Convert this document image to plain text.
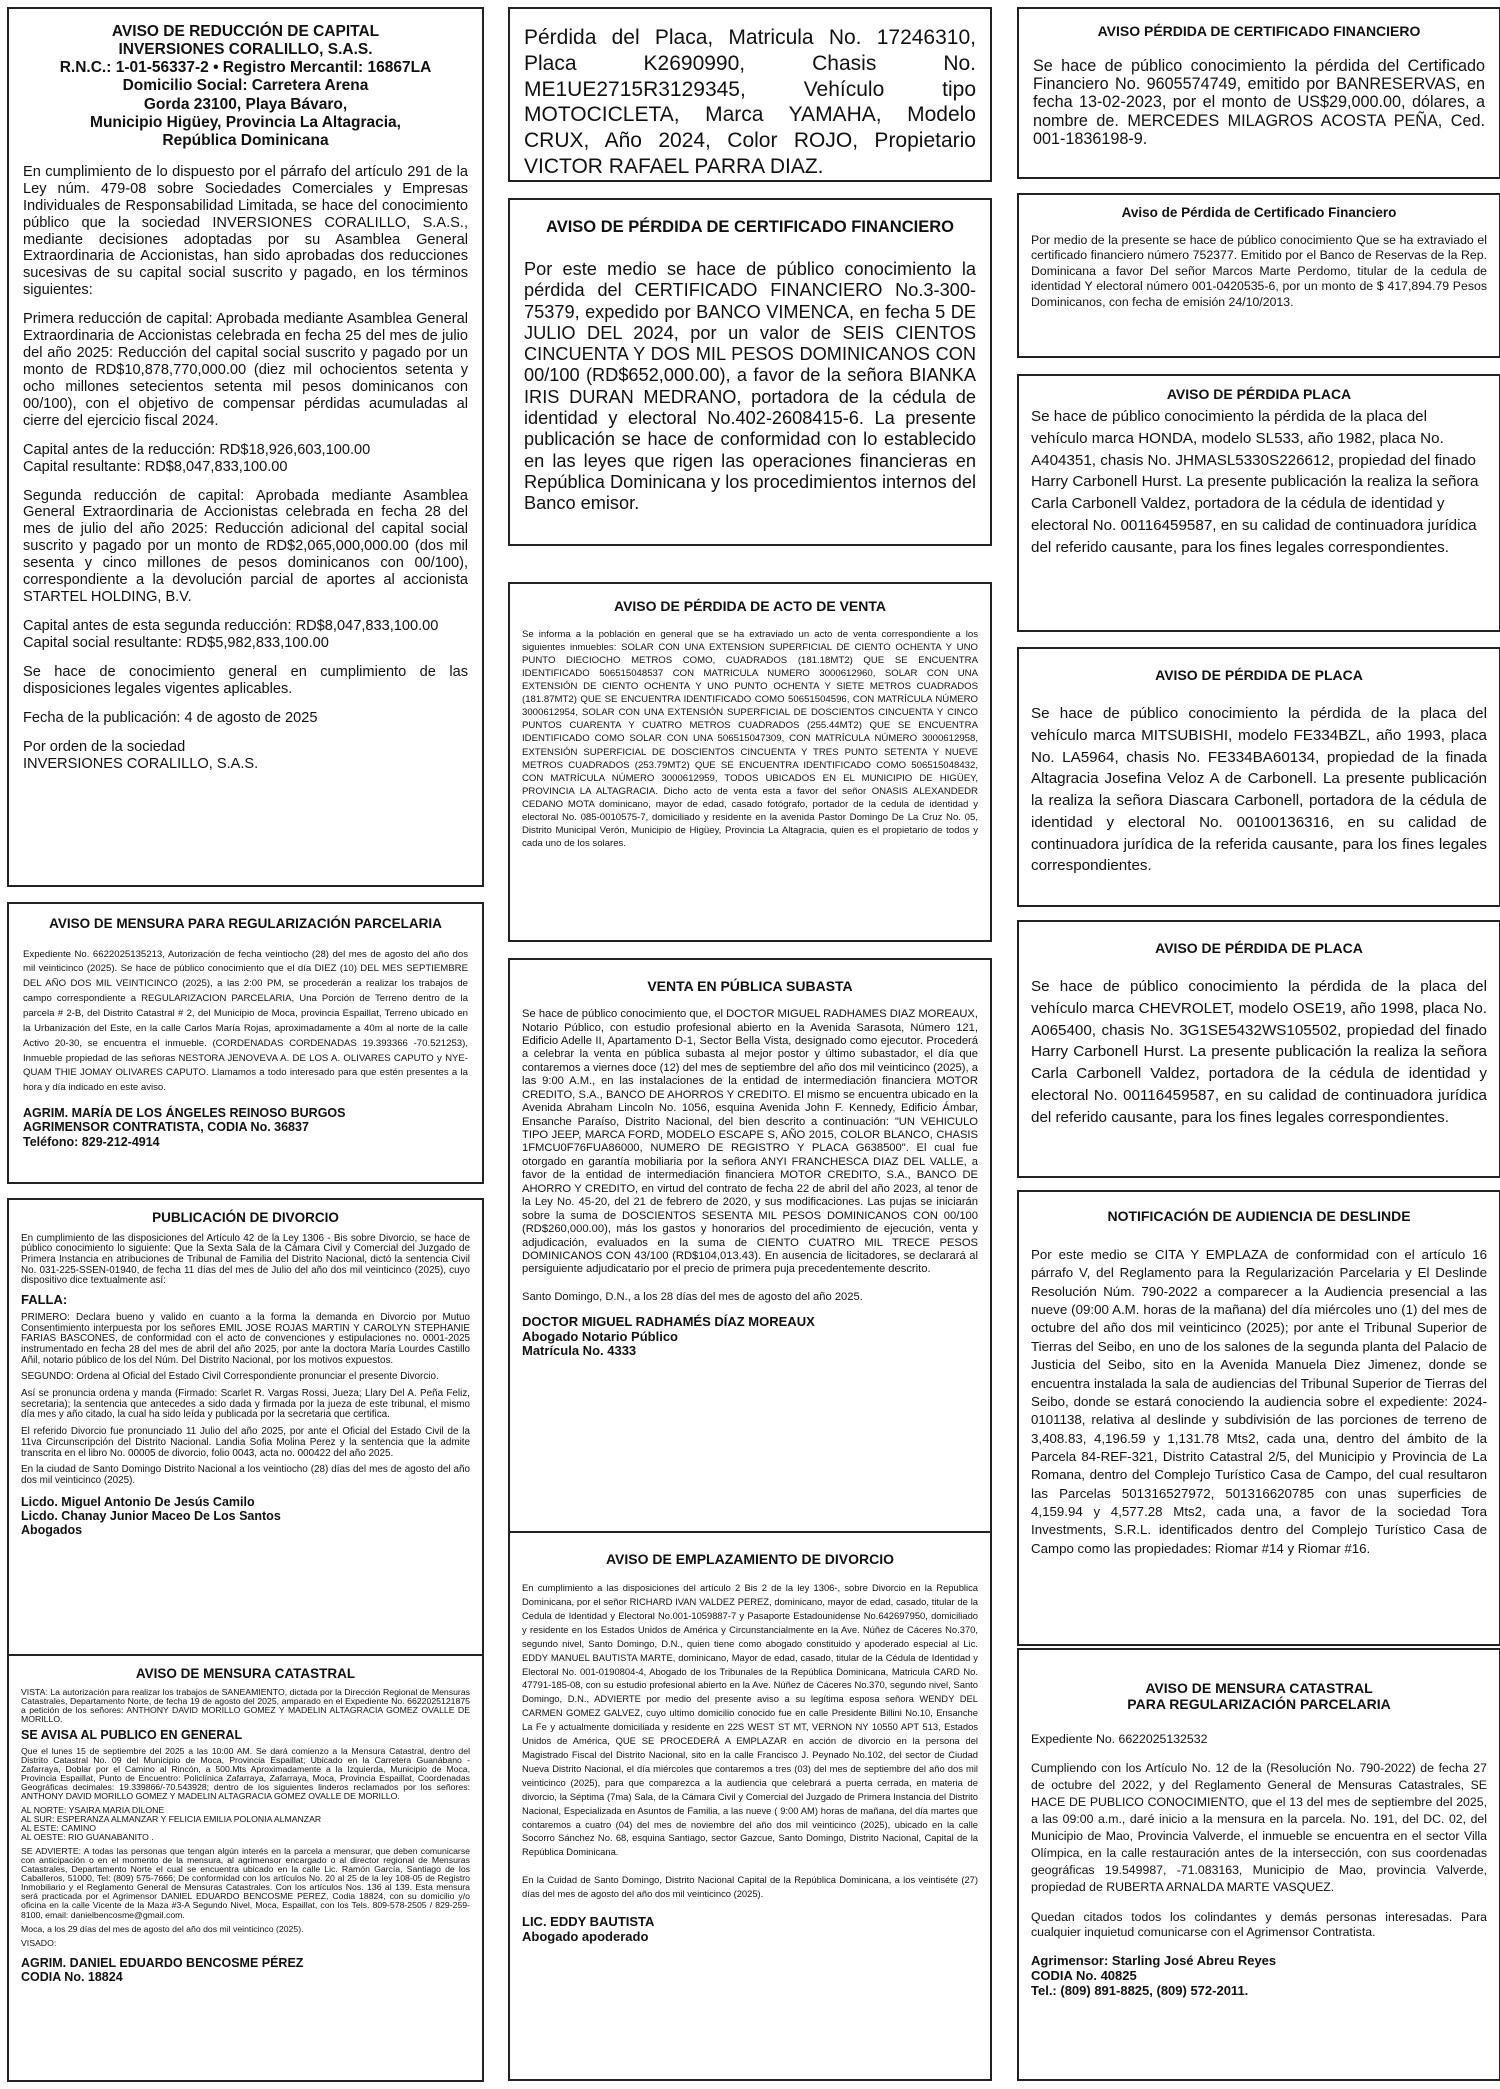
AVISO DE REDUCCIÓN DE CAPITAL
INVERSIONES CORALILLO, S.A.S.
R.N.C.: 1-01-56337-2 • Registro Mercantil: 16867LA
Domicilio Social: Carretera Arena
Gorda 23100, Playa Bávaro,
Municipio Higüey, Provincia La Altagracia,
República Dominicana

En cumplimiento de lo dispuesto por el párrafo del artículo 291 de la Ley núm. 479-08 sobre Sociedades Comerciales y Empresas Individuales de Responsabilidad Limitada, se hace del conocimiento público que la sociedad INVERSIONES CORALILLO, S.A.S., mediante decisiones adoptadas por su Asamblea General Extraordinaria de Accionistas, han sido aprobadas dos reducciones sucesivas de su capital social suscrito y pagado, en los términos siguientes:

Primera reducción de capital: Aprobada mediante Asamblea General Extraordinaria de Accionistas celebrada en fecha 25 del mes de julio del año 2025: Reducción del capital social suscrito y pagado por un monto de RD$10,878,770,000.00 (diez mil ochocientos setenta y ocho millones setecientos setenta mil pesos dominicanos con 00/100), con el objetivo de compensar pérdidas acumuladas al cierre del ejercicio fiscal 2024.

Capital antes de la reducción: RD$18,926,603,100.00
Capital resultante: RD$8,047,833,100.00

Segunda reducción de capital: Aprobada mediante Asamblea General Extraordinaria de Accionistas celebrada en fecha 28 del mes de julio del año 2025: Reducción adicional del capital social suscrito y pagado por un monto de RD$2,065,000,000.00 (dos mil sesenta y cinco millones de pesos dominicanos con 00/100), correspondiente a la devolución parcial de aportes al accionista STARTEL HOLDING, B.V.

Capital antes de esta segunda reducción: RD$8,047,833,100.00
Capital social resultante: RD$5,982,833,100.00

Se hace de conocimiento general en cumplimiento de las disposiciones legales vigentes aplicables.

Fecha de la publicación: 4 de agosto de 2025

Por orden de la sociedad
INVERSIONES CORALILLO, S.A.S.

AVISO DE MENSURA PARA REGULARIZACIÓN PARCELARIA

Expediente No. 6622025135213, Autorización de fecha veintiocho (28) del mes de agosto del año dos mil veinticinco (2025). Se hace de público conocimiento que el día DIEZ (10) DEL MES SEPTIEMBRE DEL AÑO DOS MIL VEINTICINCO (2025), a las 2:00 PM, se procederán a realizar los trabajos de campo correspondiente a REGULARIZACION PARCELARIA, Una Porción de Terreno dentro de la parcela # 2-B, del Distrito Catastral # 2, del Municipio de Moca, provincia Espaillat, Terreno ubicado en la Urbanización del Este, en la calle Carlos María Rojas, aproximadamente a 40m al norte de la calle Activo 20-30, se encuentra el inmueble. (CORDENADAS CORDENADAS 19.393366 -70.521253), Inmueble propiedad de las señoras NESTORA JENOVEVA A. DE LOS A. OLIVARES CAPUTO y NYE-QUAM THIE JOMAY OLIVARES CAPUTO. Llamamos a todo interesado para que estén presentes a la hora y día indicado en este aviso.

AGRIM. MARÍA DE LOS ÁNGELES REINOSO BURGOS
AGRIMENSOR CONTRATISTA, CODIA No. 36837
Teléfono: 829-212-4914

PUBLICACIÓN DE DIVORCIO

En cumplimiento de las disposiciones del Artículo 42 de la Ley 1306 - Bis sobre Divorcio, se hace de público conocimiento lo siguiente: Que la Sexta Sala de la Cámara Civil y Comercial del Juzgado de Primera Instancia en atribuciones de Tribunal de Familia del Distrito Nacional, dictó la sentencia Civil No. 031-225-SSEN-01940, de fecha 11 días del mes de Julio del año dos mil veinticinco (2025), cuyo dispositivo dice textualmente así:

FALLA:

PRIMERO: Declara bueno y valido en cuanto a la forma la demanda en Divorcio por Mutuo Consentimiento interpuesta por los señores EMIL JOSE ROJAS MARTIN Y CAROLYN STEPHANIE FARIAS BASCONES, de conformidad con el acto de convenciones y estipulaciones no. 0001-2025 instrumentado en fecha 28 del mes de abril del año 2025, por ante la doctora María Lourdes Castillo Añil, notario público de los del Núm. Del Distrito Nacional, por los motivos expuestos.

SEGUNDO: Ordena al Oficial del Estado Civil Correspondiente pronunciar el presente Divorcio.

Así se pronuncia ordena y manda (Firmado: Scarlet R. Vargas Rossi, Jueza; Llary Del A. Peña Feliz, secretaria); la sentencia que antecedes a sido dada y firmada por la jueza de este tribunal, el mismo día mes y año citado, la cual ha sido leída y publicada por la secretaria que certifica.

El referido Divorcio fue pronunciado 11 Julio del año 2025, por ante el Oficial del Estado Civil de la 11va Circunscripción del Distrito Nacional. Landia Sofia Molina Perez y la sentencia que la admite transcrita en el libro No. 00005 de divorcio, folio 0043, acta no. 000422 del año 2025.

En la ciudad de Santo Domingo Distrito Nacional a los veintiocho (28) días del mes de agosto del año dos mil veinticinco (2025).

Licdo. Miguel Antonio De Jesús Camilo
Licdo. Chanay Junior Maceo De Los Santos
Abogados

AVISO DE MENSURA CATASTRAL

VISTA: La autorización para realizar los trabajos de SANEAMIENTO, dictada por la Dirección Regional de Mensuras Catastrales, Departamento Norte, de fecha 19 de agosto del 2025, amparado en el Expediente No. 6622025121875 a petición de los señores: ANTHONY DAVID MORILLO GOMEZ Y MADELIN ALTAGRACIA GOMEZ OVALLE DE MORILLO.

SE AVISA AL PUBLICO EN GENERAL

Que el lunes 15 de septiembre del 2025 a las 10:00 AM. Se dará comienzo a la Mensura Catastral, dentro del Distrito Catastral No. 09 del Municipio de Moca, Provincia Espaillat; Ubicado en la Carretera Guanábano - Zafarraya, Doblar por el Camino al Rincón, a 500.Mts Aproximadamente a la Izquierda, Municipio de Moca, Provincia Espaillat, Punto de Encuentro: Policlínica Zafarraya, Zafarraya, Moca, Provincia Espaillat, Coordenadas Geográficas decimales: 19.339866/-70.543928; dentro de los siguientes linderos reclamados por los señores: ANTHONY DAVID MORILLO GOMEZ Y MADELIN ALTAGRACIA GOMEZ OVALLE DE MORILLO.

AL NORTE: YSAIRA MARIA DILONE
AL SUR: ESPERANZA ALMANZAR Y FELICIA EMILIA POLONIA ALMANZAR
AL ESTE: CAMINO
AL OESTE: RIO GUANABANITO .

SE ADVIERTE: A todas las personas que tengan algún interés en la parcela a mensurar, que deben comunicarse con anticipación o en el momento de la mensura, al agrimensor encargado o al director regional de Mensuras Catastrales, Departamento Norte el cual se encuentra ubicado en la calle Lic. Ramón García, Santiago de los Caballeros, 51000, Tel: (809) 575-7666; De conformidad con los artículos No. 20 al 25 de la ley 108-05 de Registro Inmobiliario y el Reglamento General de Mensuras Catastrales. Con los artículos Nos. 136 al 139. Esta mensura será practicada por el Agrimensor DANIEL EDUARDO BENCOSME PEREZ, Codia 18824, con su domicilio y/o oficina en la calle Vicente de la Maza #3-A Segundo Nivel, Moca, Espaillat, con los Tels. 809-578-2505 / 829-259-8100, email: danielbencosme@gmail.com.

Moca, a los 29 días del mes de agosto del año dos mil veinticinco (2025).

VISADO:

AGRIM. DANIEL EDUARDO BENCOSME PÉREZ
CODIA No. 18824

Pérdida del Placa, Matricula No. 17246310, Placa K2690990, Chasis No. ME1UE2715R3129345, Vehículo tipo MOTOCICLETA, Marca YAMAHA, Modelo CRUX, Año 2024, Color ROJO, Propietario VICTOR RAFAEL PARRA DIAZ.

AVISO DE PÉRDIDA DE CERTIFICADO FINANCIERO

Por este medio se hace de público conocimiento la pérdida del CERTIFICADO FINANCIERO No.3-300-75379, expedido por BANCO VIMENCA, en fecha 5 DE JULIO DEL 2024, por un valor de SEIS CIENTOS CINCUENTA Y DOS MIL PESOS DOMINICANOS CON 00/100 (RD$652,000.00), a favor de la señora BIANKA IRIS DURAN MEDRANO, portadora de la cédula de identidad y electoral No.402-2608415-6. La presente publicación se hace de conformidad con lo establecido en las leyes que rigen las operaciones financieras en República Dominicana y los procedimientos internos del Banco emisor.

AVISO DE PÉRDIDA DE ACTO DE VENTA

Se informa a la población en general que se ha extraviado un acto de venta correspondiente a los siguientes inmuebles: SOLAR CON UNA EXTENSION SUPERFICIAL DE CIENTO OCHENTA Y UNO PUNTO DIECIOCHO METROS COMO, CUADRADOS (181.18MT2) QUE SE ENCUENTRA IDENTIFICADO 506515048537 CON MATRICULA NUMERO 3000612960, SOLAR CON UNA EXTENSIÓN DE CIENTO OCHENTA Y UNO PUNTO OCHENTA Y SIETE METROS CUADRADOS (181.87MT2) QUE SE ENCUENTRA IDENTIFICADO COMO 50651504596, CON MATRÍCULA NÚMERO 3000612954, SOLAR CON UNA EXTENSIÓN SUPERFICIAL DE DOSCIENTOS CINCUENTA Y CINCO PUNTOS CUARENTA Y CUATRO METROS CUADRADOS (255.44MT2) QUE SE ENCUENTRA IDENTIFICADO COMO SOLAR CON UNA 506515047309, CON MATRÍCULA NÚMERO 3000612958, EXTENSIÓN SUPERFICIAL DE DOSCIENTOS CINCUENTA Y TRES PUNTO SETENTA Y NUEVE METROS CUADRADOS (253.79MT2) QUE SE ENCUENTRA IDENTIFICADO COMO 506515048432, CON MATRÍCULA NÚMERO 3000612959, TODOS UBICADOS EN EL MUNICIPIO DE HIGÜEY, PROVINCIA LA ALTAGRACIA. Dicho acto de venta esta a favor del señor ONASIS ALEXANDEDR CEDANO MOTA dominicano, mayor de edad, casado fotógrafo, portador de la cedula de identidad y electoral No. 085-0010575-7, domiciliado y residente en la avenida Pastor Domingo De La Cruz No. 05, Distrito Municipal Verón, Municipio de Higüey, Provincia La Altagracia, quien es el propietario de todos y cada uno de los solares.

VENTA EN PÚBLICA SUBASTA

Se hace de público conocimiento que, el DOCTOR MIGUEL RADHAMES DIAZ MOREAUX, Notario Público, con estudio profesional abierto en la Avenida Sarasota, Número 121, Edificio Adelle II, Apartamento D-1, Sector Bella Vista, designado como ejecutor. Procederá a celebrar la venta en pública subasta al mejor postor y último subastador, el día que contaremos a viernes doce (12) del mes de septiembre del año dos mil veinticinco (2025), a las 9:00 A.M., en las instalaciones de la entidad de intermediación financiera MOTOR CREDITO, S.A., BANCO DE AHORROS Y CREDITO. El mismo se encuentra ubicado en la Avenida Abraham Lincoln No. 1056, esquina Avenida John F. Kennedy, Edificio Ámbar, Ensanche Paraíso, Distrito Nacional, del bien descrito a continuación: "UN VEHICULO TIPO JEEP, MARCA FORD, MODELO ESCAPE S, AÑO 2015, COLOR BLANCO, CHASIS 1FMCU0F76FUA86000, NUMERO DE REGISTRO Y PLACA G638500". El cual fue otorgado en garantía mobiliaria por la señora ANYI FRANCHESCA DIAZ DEL VALLE, a favor de la entidad de intermediación financiera MOTOR CREDITO, S.A., BANCO DE AHORRO Y CREDITO, en virtud del contrato de fecha 22 de abril del año 2023, al tenor de la Ley No. 45-20, del 21 de febrero de 2020, y sus modificaciones. Las pujas se iniciarán sobre la suma de DOSCIENTOS SESENTA MIL PESOS DOMINICANOS CON 00/100 (RD$260,000.00), más los gastos y honorarios del procedimiento de ejecución, venta y adjudicación, evaluados en la suma de CIENTO CUATRO MIL TRECE PESOS DOMINICANOS CON 43/100 (RD$104,013.43). En ausencia de licitadores, se declarará al persiguiente adjudicatario por el precio de primera puja precedentemente descrito.

Santo Domingo, D.N., a los 28 días del mes de agosto del año 2025.

DOCTOR MIGUEL RADHAMÉS DÍAZ MOREAUX
Abogado Notario Público
Matrícula No. 4333

AVISO DE EMPLAZAMIENTO DE DIVORCIO

En cumplimiento a las disposiciones del artículo 2 Bis 2 de la ley 1306-, sobre Divorcio en la Republica Dominicana, por el señor RICHARD IVAN VALDEZ PEREZ, dominicano, mayor de edad, casado, titular de la Cedula de Identidad y Electoral No.001-1059887-7 y Pasaporte Estadounidense No.642697950, domiciliado y residente en los Estados Unidos de América y Circunstancialmente en la Ave. Núñez de Cáceres No.370, segundo nivel, Santo Domingo, D.N., quien tiene como abogado constituido y apoderado especial al Lic. EDDY MANUEL BAUTISTA MARTE, dominicano, Mayor de edad, casado, titular de la Cédula de Identidad y Electoral No. 001-0190804-4, Abogado de los Tribunales de la República Dominicana, Matricula CARD No. 47791-185-08, con su estudio profesional abierto en la Ave. Núñez de Cáceres No.370, segundo nivel, Santo Domingo, D.N., ADVIERTE por medio del presente aviso a su legítima esposa señora WENDY DEL CARMEN GOMEZ GALVEZ, cuyo ultimo domicilio conocido fue en calle Presidente Billini No.10, Ensanche La Fe y actualmente domiciliada y residente en 22S WEST ST MT, VERNON NY 10550 APT 513, Estados Unidos de América, QUE SE PROCEDERÁ A EMPLAZAR en acción de divorcio en la persona del Magistrado Fiscal del Distrito Nacional, sito en la calle Francisco J. Peynado No.102, del sector de Ciudad Nueva Distrito Nacional, el día miércoles que contaremos a tres (03) del mes de septiembre del año dos mil veinticinco (2025), para que comparezca a la audiencia que celebrará a puerta cerrada, en materia de divorcio, la Séptima (7ma) Sala, de la Cámara Civil y Comercial del Juzgado de Primera Instancia del Distrito Nacional, Especializada en Asuntos de Familia, a las nueve ( 9:00 AM) horas de mañana, del día martes que contaremos a cuatro (04) del mes de noviembre del año dos mil veinticinco (2025), ubicado en la calle Socorro Sánchez No. 68, esquina Santiago, sector Gazcue, Santo Domingo, Distrito Nacional, Capital de la República Dominicana.

En la Cuidad de Santo Domingo, Distrito Nacional Capital de la República Dominicana, a los veintiséte (27) días del mes de agosto del año dos mil veinticinco (2025).

LIC. EDDY BAUTISTA
Abogado apoderado

AVISO PÉRDIDA DE CERTIFICADO FINANCIERO

Se hace de público conocimiento la pérdida del Certificado Financiero No. 9605574749, emitido por BANRESERVAS, en fecha 13-02-2023, por el monto de US$29,000.00, dólares, a nombre de. MERCEDES MILAGROS ACOSTA PEÑA, Ced. 001-1836198-9.

Aviso de Pérdida de Certificado Financiero

Por medio de la presente se hace de público conocimiento Que se ha extraviado el certificado financiero número 752377. Emitido por el Banco de Reservas de la Rep. Dominicana a favor Del señor Marcos Marte Perdomo, titular de la cedula de identidad Y electoral número 001-0420535-6, por un monto de $ 417,894.79 Pesos Dominicanos, con fecha de emisión 24/10/2013.

AVISO DE PÉRDIDA PLACA

Se hace de público conocimiento la pérdida de la placa del vehículo marca HONDA, modelo SL533, año 1982, placa No. A404351, chasis No. JHMASL5330S226612, propiedad del finado Harry Carbonell Hurst. La presente publicación la realiza la señora Carla Carbonell Valdez, portadora de la cédula de identidad y electoral No. 00116459587, en su calidad de continuadora jurídica del referido causante, para los fines legales correspondientes.

AVISO DE PÉRDIDA DE PLACA

Se hace de público conocimiento la pérdida de la placa del vehículo marca MITSUBISHI, modelo FE334BZL, año 1993, placa No. LA5964, chasis No. FE334BA60134, propiedad de la finada Altagracia Josefina Veloz A de Carbonell. La presente publicación la realiza la señora Diascara Carbonell, portadora de la cédula de identidad y electoral No. 00100136316, en su calidad de continuadora jurídica de la referida causante, para los fines legales correspondientes.

AVISO DE PÉRDIDA DE PLACA

Se hace de público conocimiento la pérdida de la placa del vehículo marca CHEVROLET, modelo OSE19, año 1998, placa No. A065400, chasis No. 3G1SE5432WS105502, propiedad del finado Harry Carbonell Hurst. La presente publicación la realiza la señora Carla Carbonell Valdez, portadora de la cédula de identidad y electoral No. 00116459587, en su calidad de continuadora jurídica del referido causante, para los fines legales correspondientes.

NOTIFICACIÓN DE AUDIENCIA DE DESLINDE

Por este medio se CITA Y EMPLAZA de conformidad con el artículo 16 párrafo V, del Reglamento para la Regularización Parcelaria y El Deslinde Resolución Núm. 790-2022 a comparecer a la Audiencia presencial a las nueve (09:00 A.M. horas de la mañana) del día miércoles uno (1) del mes de octubre del año dos mil veinticinco (2025); por ante el Tribunal Superior de Tierras del Seibo, en uno de los salones de la segunda planta del Palacio de Justicia del Seibo, sito en la Avenida Manuela Diez Jimenez, donde se encuentra instalada la sala de audiencias del Tribunal Superior de Tierras del Seibo, donde se estará conociendo la audiencia sobre el expediente: 2024-0101138, relativa al deslinde y subdivisión de las porciones de terreno de 3,408.83, 4,196.59 y 1,131.78 Mts2, cada una, dentro del ámbito de la Parcela 84-REF-321, Distrito Catastral 2/5, del Municipio y Provincia de La Romana, dentro del Complejo Turístico Casa de Campo, del cual resultaron las Parcelas 501316527972, 501316620785 con unas superficies de 4,159.94 y 4,577.28 Mts2, cada una, a favor de la sociedad Tora Investments, S.R.L. identificados dentro del Complejo Turístico Casa de Campo como las propiedades: Riomar #14 y Riomar #16.

AVISO DE MENSURA CATASTRAL
PARA REGULARIZACIÓN PARCELARIA

Expediente No. 6622025132532

Cumpliendo con los Artículo No. 12 de la (Resolución No. 790-2022) de fecha 27 de octubre del 2022, y del Reglamento General de Mensuras Catastrales, SE HACE DE PUBLICO CONOCIMIENTO, que el 13 del mes de septiembre del 2025, a las 09:00 a.m., daré inicio a la mensura en la parcela. No. 191, del DC. 02, del Municipio de Mao, Provincia Valverde, el inmueble se encuentra en el sector Villa Olímpica, en la calle restauración antes de la intersección, con sus coordenadas geográficas 19.549987, -71.083163, Municipio de Mao, provincia Valverde, propiedad de RUBERTA ARNALDA MARTE VASQUEZ.

Quedan citados todos los colindantes y demás personas interesadas. Para cualquier inquietud comunicarse con el Agrimensor Contratista.

Agrimensor: Starling José Abreu Reyes
CODIA No. 40825
Tel.: (809) 891-8825, (809) 572-2011.
